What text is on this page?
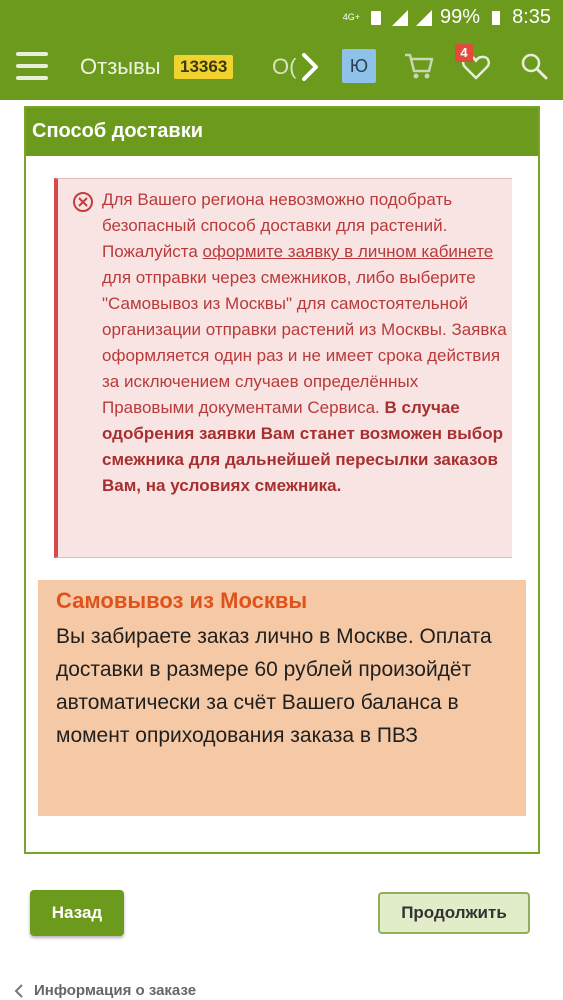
4G+	99% 8:35
Отзывы	13363 О(	Ю
4
Способ доставки
Для Вашего региона невозможно подобрать безопасный способ доставки для растений. Пожалуйста оформите заявку в личном кабинете для отправки через смежников, либо выберите "Самовывоз из Москвы" для самостоятельной организации отправки растений из Москвы. Заявка оформляется один раз и не имеет срока действия за исключением случаев определённых Правовыми документами Сервиса. В случае одобрения заявки Вам станет возможен выбор смежника для дальнейшей пересылки заказов Вам, на условиях смежника.
Самовывоз из Москвы
Вы забираете заказ лично в Москве. Оплата доставки в размере 60 рублей произойдёт автоматически за счёт Вашего баланса в момент оприходования заказа в ПВЗ
Назад	Продолжить
Информация о заказе
